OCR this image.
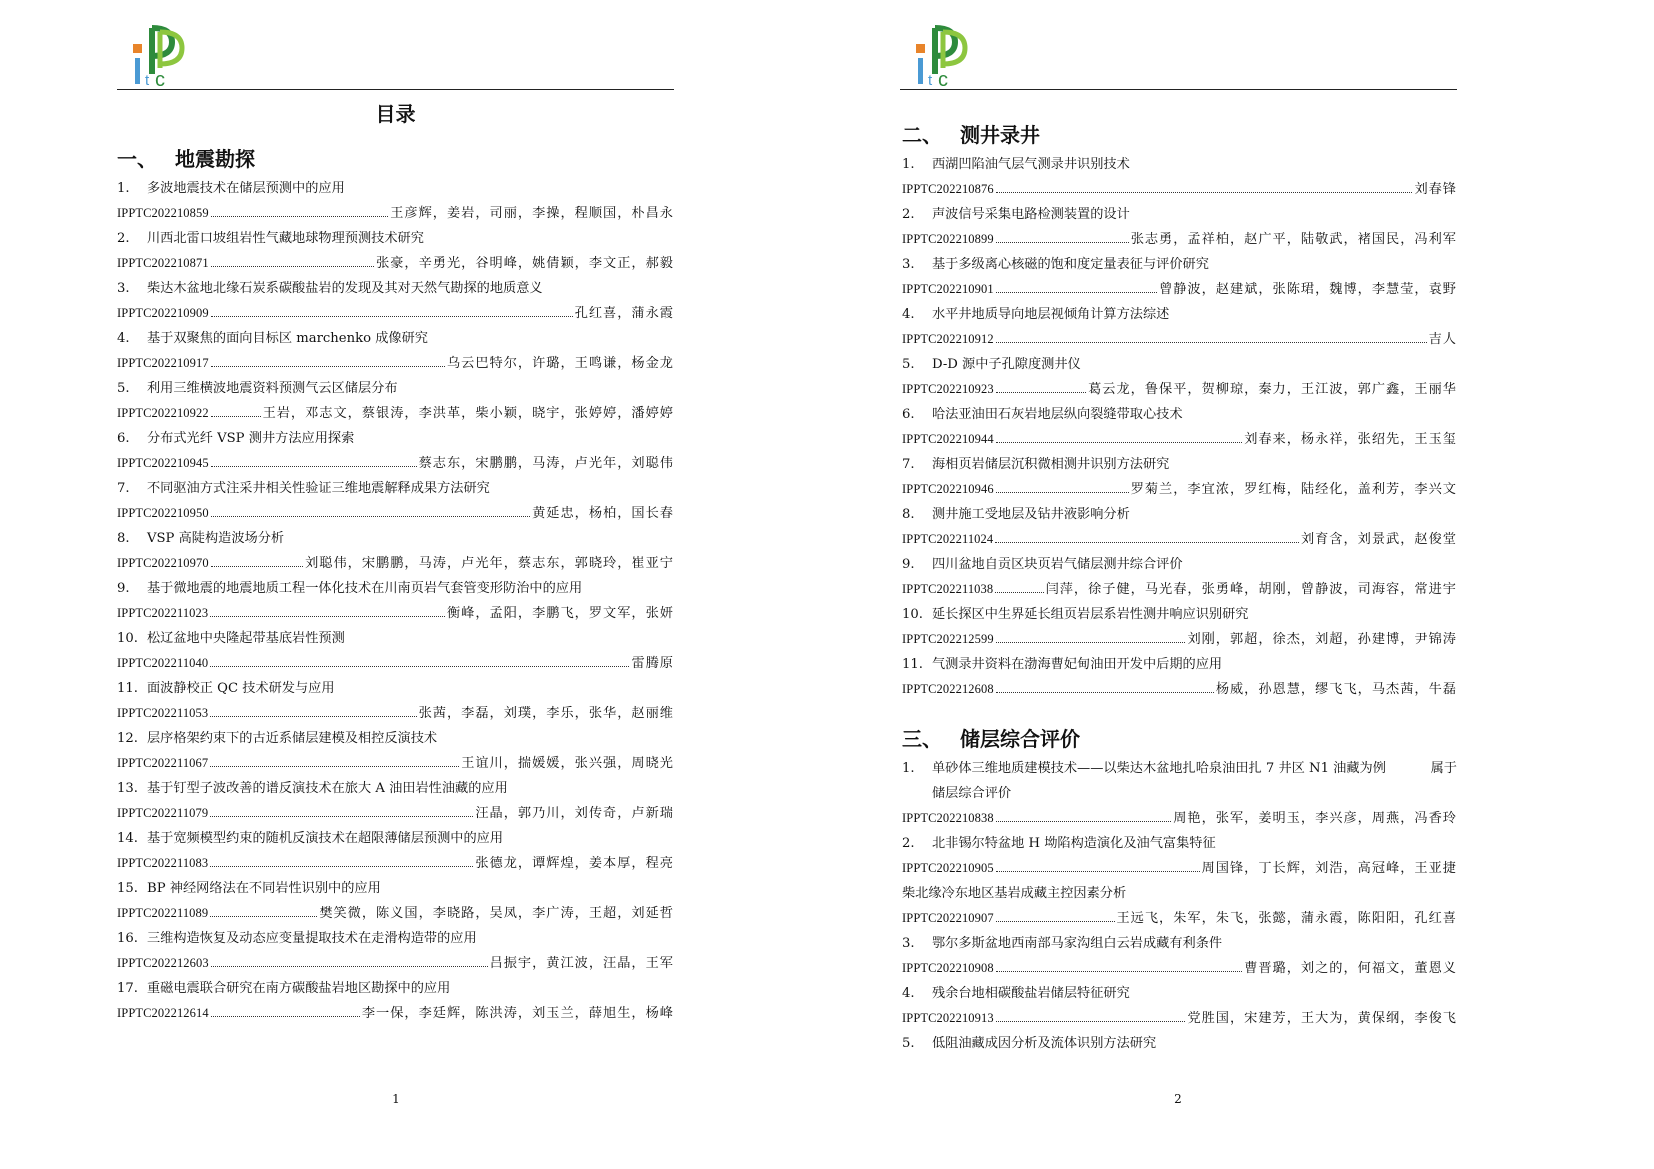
t c
目录
一、 地震勘探
1. 多波地震技术在储层预测中的应用
IPPTC202210859	王彦辉，姜岩，司丽，李操，程顺国，朴昌永
2. 川西北雷口坡组岩性气藏地球物理预测技术研究
IPPTC202210871	张豪，辛勇光，谷明峰，姚倩颖，李文正，郝毅
3. 柴达木盆地北缘石炭系碳酸盐岩的发现及其对天然气勘探的地质意义
IPPTC202210909	孔红喜，蒲永霞
4. 基于双聚焦的面向目标区 marchenko 成像研究
IPPTC202210917	乌云巴特尔，许璐，王鸣谦，杨金龙
5. 利用三维横波地震资料预测气云区储层分布
IPPTC202210922	王岩，邓志文，蔡银涛，李洪革，柴小颖，晓宇，张婷婷，潘婷婷
6. 分布式光纤 VSP 测井方法应用探索
IPPTC202210945	蔡志东，宋鹏鹏，马涛，卢光年，刘聪伟
7. 不同驱油方式注采井相关性验证三维地震解释成果方法研究
IPPTC202210950	黄延忠，杨柏，国长春
8. VSP 高陡构造波场分析
IPPTC202210970	刘聪伟，宋鹏鹏，马涛，卢光年，蔡志东，郭晓玲，崔亚宁
9. 基于微地震的地震地质工程一体化技术在川南页岩气套管变形防治中的应用
IPPTC202211023	衡峰，孟阳，李鹏飞，罗文军，张妍
10. 松辽盆地中央隆起带基底岩性预测
IPPTC202211040	雷腾原
11. 面波静校正 QC 技术研发与应用
IPPTC202211053	张茜，李磊，刘璞，李乐，张华，赵丽维
12. 层序格架约束下的古近系储层建模及相控反演技术
IPPTC202211067	王谊川，揣媛媛，张兴强，周晓光
13. 基于钉型子波改善的谱反演技术在旅大 A 油田岩性油藏的应用
IPPTC202211079	汪晶，郭乃川，刘传奇，卢新瑞
14. 基于宽频模型约束的随机反演技术在超限薄储层预测中的应用
IPPTC202211083	张德龙，谭辉煌，姜本厚，程亮
15. BP 神经网络法在不同岩性识别中的应用
IPPTC202211089	樊笑微，陈义国，李晓路，吴凤，李广涛，王超，刘延哲
16. 三维构造恢复及动态应变量提取技术在走滑构造带的应用
IPPTC202212603	吕振宇，黄江波，汪晶，王军
17. 重磁电震联合研究在南方碳酸盐岩地区勘探中的应用
IPPTC202212614	李一保，李廷辉，陈洪涛，刘玉兰，薛旭生，杨峰
1
t c
二、 测井录井
1. 西湖凹陷油气层气测录井识别技术
IPPTC202210876	刘春锋
2. 声波信号采集电路检测装置的设计
IPPTC202210899	张志勇，孟祥柏，赵广平，陆敬武，褚国民，冯利军
3. 基于多级离心核磁的饱和度定量表征与评价研究
IPPTC202210901	曾静波，赵建斌，张陈珺，魏博，李慧莹，袁野
4. 水平井地质导向地层视倾角计算方法综述
IPPTC202210912	吉人
5. D-D 源中子孔隙度测井仪
IPPTC202210923	葛云龙，鲁保平，贺柳琼，秦力，王江波，郭广鑫，王丽华
6. 哈法亚油田石灰岩地层纵向裂缝带取心技术
IPPTC202210944	刘春来，杨永祥，张绍先，王玉玺
7. 海相页岩储层沉积微相测井识别方法研究
IPPTC202210946	罗菊兰，李宜浓，罗红梅，陆经化，盖利芳，李兴文
8. 测井施工受地层及钻井液影响分析
IPPTC202211024	刘育含，刘景武，赵俊堂
9. 四川盆地自贡区块页岩气储层测井综合评价
IPPTC202211038	闫萍，徐子健，马光春，张勇峰，胡刚，曾静波，司海容，常进宇
10. 延长探区中生界延长组页岩层系岩性测井响应识别研究
IPPTC202212599	刘刚，郭超，徐杰，刘超，孙建博，尹锦涛
11. 气测录井资料在渤海曹妃甸油田开发中后期的应用
IPPTC202212608	杨威，孙恩慧，缪飞飞，马杰茜，牛磊
三、 储层综合评价
1. 单砂体三维地质建模技术——以柴达木盆地扎哈泉油田扎 7 井区 N1 油藏为例	属于
储层综合评价
IPPTC202210838	周艳，张军，姜明玉，李兴彦，周燕，冯香玲
2. 北非锡尔特盆地 H 坳陷构造演化及油气富集特征
IPPTC202210905	周国锋，丁长辉，刘浩，高冠峰，王亚捷
柴北缘冷东地区基岩成藏主控因素分析
IPPTC202210907	王远飞，朱军，朱飞，张懿，蒲永霞，陈阳阳，孔红喜
3. 鄂尔多斯盆地西南部马家沟组白云岩成藏有利条件
IPPTC202210908	曹晋璐，刘之的，何福文，董恩义
4. 残余台地相碳酸盐岩储层特征研究
IPPTC202210913	党胜国，宋建芳，王大为，黄保纲，李俊飞
5. 低阻油藏成因分析及流体识别方法研究
2
